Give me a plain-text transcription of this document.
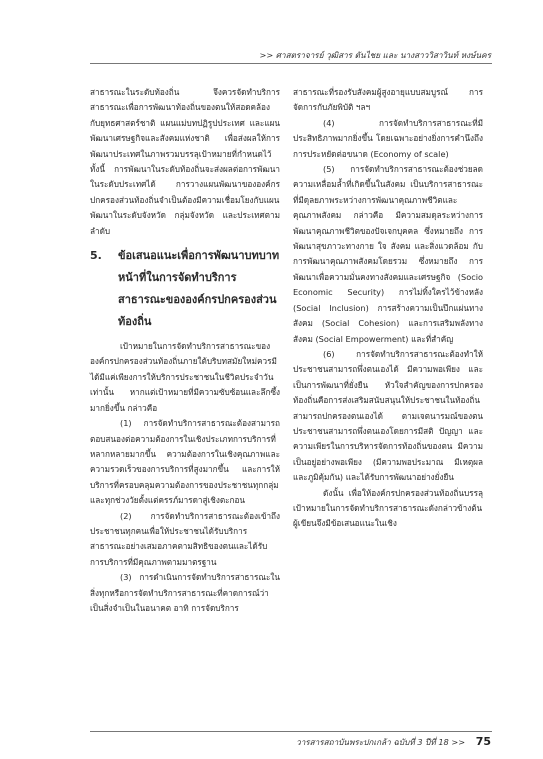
>> ศาสตราจารย์ วุฒิสาร ตันไชย และ นางสาววิสาวินท์ หงษ์นคร

สาธารณะในระดับท้องถิ่น จึงควรจัดทำบริการสาธารณะเพื่อการพัฒนาท้องถิ่นของตนให้สอดคล้องกับยุทธศาสตร์ชาติ แผนแม่บทปฏิรูปประเทศ และแผนพัฒนาเศรษฐกิจและสังคมแห่งชาติ เพื่อส่งผลให้การพัฒนาประเทศในภาพรวมบรรลุเป้าหมายที่กำหนดไว้ ทั้งนี้ การพัฒนาในระดับท้องถิ่นจะส่งผลต่อการพัฒนาในระดับประเทศได้ การวางแผนพัฒนาขององค์กรปกครองส่วนท้องถิ่นจำเป็นต้องมีความเชื่อมโยงกับแผนพัฒนาในระดับจังหวัด กลุ่มจังหวัด และประเทศตามลำดับ

5. ข้อเสนอแนะเพื่อการพัฒนาบทบาทหน้าที่ในการจัดทำบริการสาธารณะขององค์กรปกครองส่วนท้องถิ่น

เป้าหมายในการจัดทำบริการสาธารณะขององค์กรปกครองส่วนท้องถิ่นภายใต้บริบทสมัยใหม่ควรมีได้มีแค่เพียงการให้บริการประชาชนในชีวิตประจำวันเท่านั้น หากแต่เป้าหมายที่มีความซับซ้อนและลึกซึ้งมากยิ่งขึ้น กล่าวคือ

(1) การจัดทำบริการสาธารณะต้องสามารถตอบสนองต่อความต้องการในเชิงประเภทการบริการที่หลากหลายมากขึ้น ความต้องการในเชิงคุณภาพและความรวดเร็วของการบริการที่สูงมากขึ้น และการให้บริการที่ครอบคลุมความต้องการของประชาชนทุกกลุ่มและทุกช่วงวัยตั้งแต่ครรภ์มารดาสู่เชิงตะกอน

(2) การจัดทำบริการสาธารณะต้องเข้าถึงประชาชนทุกคนเพื่อให้ประชาชนได้รับบริการสาธารณะอย่างเสมอภาคตามสิทธิของตนและได้รับการบริการที่มีคุณภาพตามมาตรฐาน

(3) การดำเนินการจัดทำบริการสาธารณะในสิ่งทุกหรือการจัดทำบริการสาธารณะที่คาดการณ์ว่าเป็นสิ่งจำเป็นในอนาคต อาทิ การจัดบริการ

สาธารณะที่รองรับสังคมผู้สูงอายุแบบสมบูรณ์ การจัดการกับภัยพิบัติ ฯลฯ

(4) การจัดทำบริการสาธารณะที่มีประสิทธิภาพมากยิ่งขึ้น โดยเฉพาะอย่างยิ่งการคำนึงถึงการประหยัดต่อขนาด (Economy of scale)

(5) การจัดทำบริการสาธารณะต้องช่วยลดความเหลื่อมล้ำที่เกิดขึ้นในสังคม เป็นบริการสาธารณะที่มีดุลยภาพระหว่างการพัฒนาคุณภาพชีวิตและคุณภาพสังคม กล่าวคือ มีความสมดุลระหว่างการพัฒนาคุณภาพชีวิตของปัจเจกบุคคล ซึ่งหมายถึง การพัฒนาสุขภาวะทางกาย ใจ สังคม และสิ่งแวดล้อม กับการพัฒนาคุณภาพสังคมโดยรวม ซึ่งหมายถึง การพัฒนาเพื่อความมั่นคงทางสังคมและเศรษฐกิจ (Socio Economic Security) การไม่ทิ้งใครไว้ข้างหลัง (Social Inclusion) การสร้างความเป็นปึกแผ่นทางสังคม (Social Cohesion) และการเสริมพลังทางสังคม (Social Empowerment) และที่สำคัญ

(6) การจัดทำบริการสาธารณะต้องทำให้ประชาชนสามารถพึ่งตนเองได้ มีความพอเพียง และเป็นการพัฒนาที่ยั่งยืน หัวใจสำคัญของการปกครองท้องถิ่นคือการส่งเสริมสนับสนุนให้ประชาชนในท้องถิ่นสามารถปกครองตนเองได้ ตามเจตนารมณ์ของตน ประชาชนสามารถพึ่งตนเองโดยการมีสติ ปัญญา และความเพียรในการบริหารจัดการท้องถิ่นของตน มีความเป็นอยู่อย่างพอเพียง (มีความพอประมาณ มีเหตุผล และภูมิคุ้มกัน) และได้รับการพัฒนาอย่างยั่งยืน

ดังนั้น เพื่อให้องค์กรปกครองส่วนท้องถิ่นบรรลุเป้าหมายในการจัดทำบริการสาธารณะดังกล่าวข้างต้น ผู้เขียนจึงมีข้อเสนอแนะในเชิง

วารสารสถาบันพระปกเกล้า ฉบับที่ 3 ปีที่ 18 >> 75
